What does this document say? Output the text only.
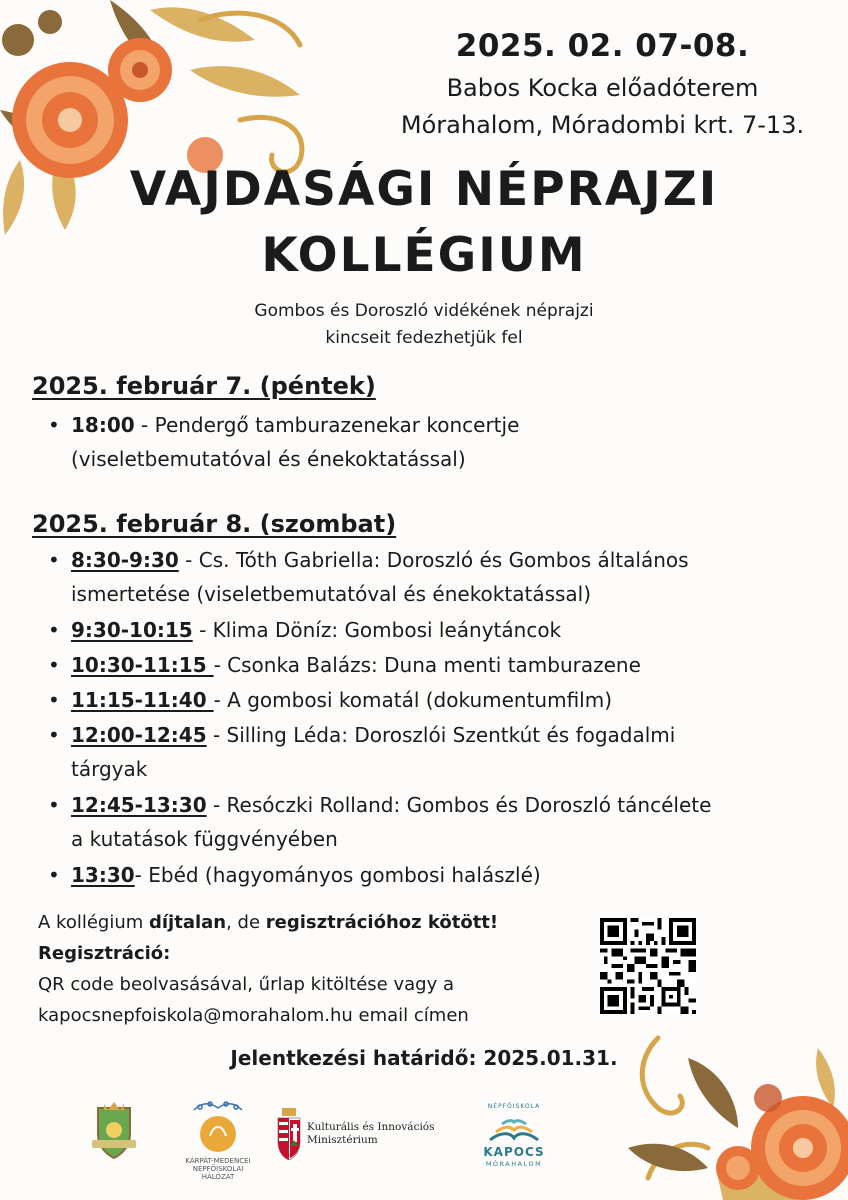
2025. 02. 07-08.
Babos Kocka előadóterem
Mórahalom, Móradombi krt. 7-13.
VAJDASÁGI NÉPRAJZI
KOLLÉGIUM
Gombos és Doroszló vidékének néprajzi
kincseit fedezhetjük fel
2025. február 7. (péntek)
• 18:00 - Pendergő tamburazenekar koncertje
(viseletbemutatóval és énekoktatással)
2025. február 8. (szombat)
• 8:30-9:30 - Cs. Tóth Gabriella: Doroszló és Gombos általános
ismertetése (viseletbemutatóval és énekoktatással)
• 9:30-10:15 - Klima Döníz: Gombosi leánytáncok
• 10:30-11:15 - Csonka Balázs: Duna menti tamburazene
• 11:15-11:40 - A gombosi komatál (dokumentumfilm)
• 12:00-12:45 - Silling Léda: Doroszlói Szentkút és fogadalmi
tárgyak
• 12:45-13:30 - Resóczki Rolland: Gombos és Doroszló táncélete
a kutatások függvényében
• 13:30- Ebéd (hagyományos gombosi halászlé)
A kollégium díjtalan, de regisztrációhoz kötött!
Regisztráció:
QR code beolvasásával, űrlap kitöltése vagy a
kapocsnepfoiskola@morahalom.hu email címen
Jelentkezési határidő: 2025.01.31.
KÁRPÁT-MEDENCEI
NÉPFŐISKOLAI HÁLÓZAT
Kulturális és Innovációs
Minisztérium
NÉPFŐISKOLA
KAPOCS
MÓRAHALOM
